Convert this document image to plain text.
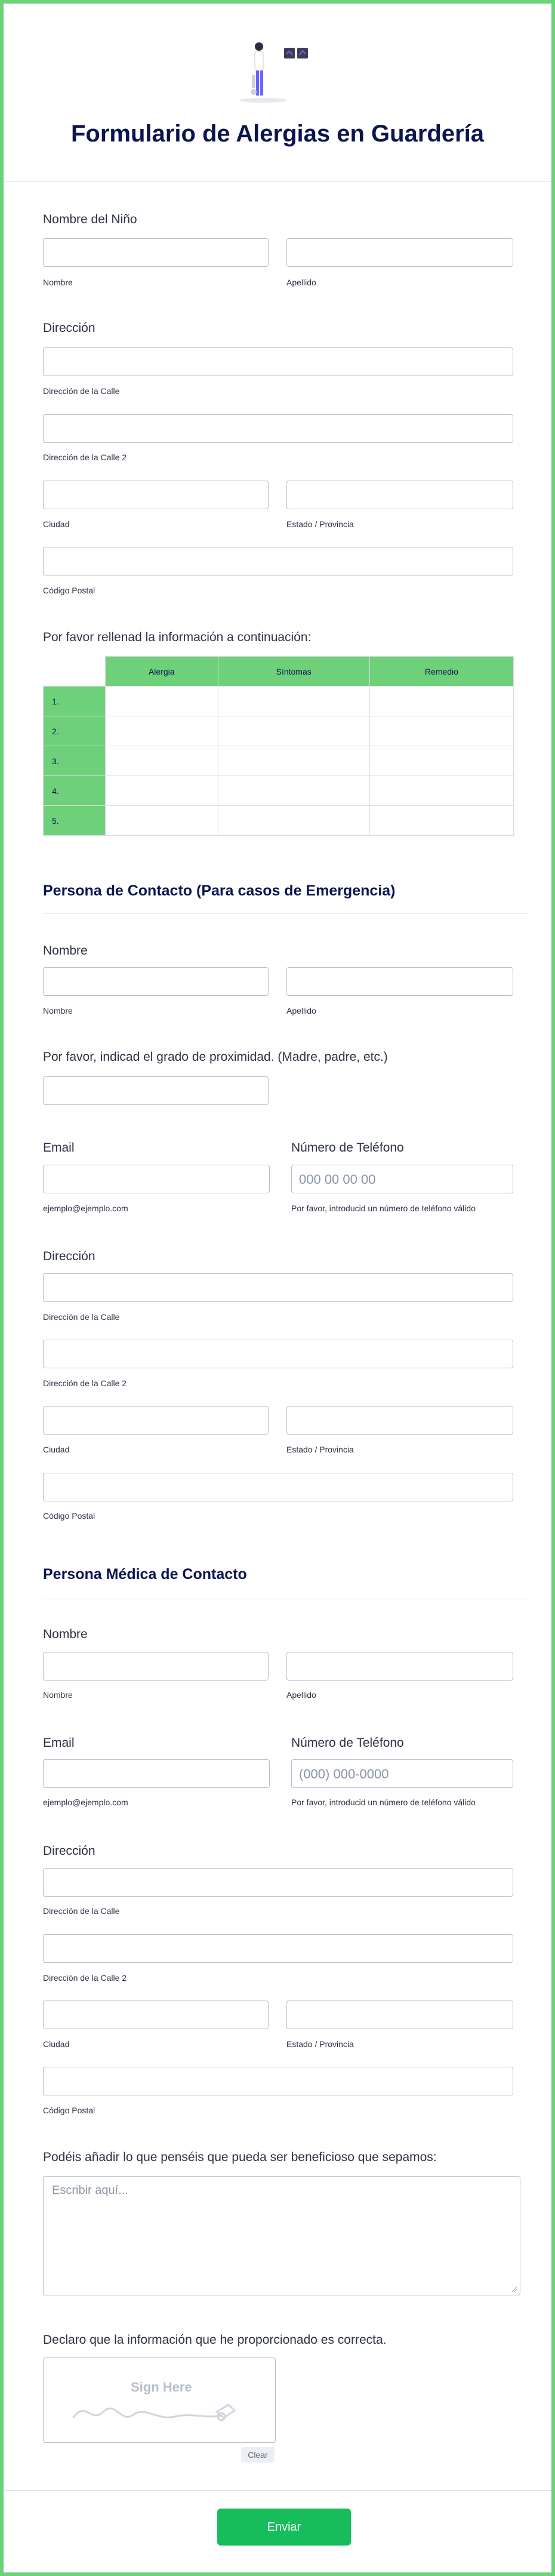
Formulario de Alergias en Guardería
Nombre del Niño
Nombre	Apellido
Dirección
Dirección de la Calle
Dirección de la Calle 2
Ciudad	Estado / Provincia
Código Postal
Por favor rellenad la información a continuación:
	Alergia	Síntomas	Remedio
1.			
2.			
3.			
4.			
5.			
Persona de Contacto (Para casos de Emergencia)
Nombre
Nombre	Apellido
Por favor, indicad el grado de proximidad. (Madre, padre, etc.)
Email	Número de Teléfono
000 00 00 00
ejemplo@ejemplo.com	Por favor, introducid un número de teléfono válido
Dirección
Dirección de la Calle
Dirección de la Calle 2
Ciudad	Estado / Provincia
Código Postal
Persona Médica de Contacto
Nombre
Nombre	Apellido
Email	Número de Teléfono
(000) 000-0000
ejemplo@ejemplo.com	Por favor, introducid un número de teléfono válido
Dirección
Dirección de la Calle
Dirección de la Calle 2
Ciudad	Estado / Provincia
Código Postal
Podéis añadir lo que penséis que pueda ser beneficioso que sepamos:
Escribir aquí...
Declaro que la información que he proporcionado es correcta.
Sign Here
Clear
Enviar
